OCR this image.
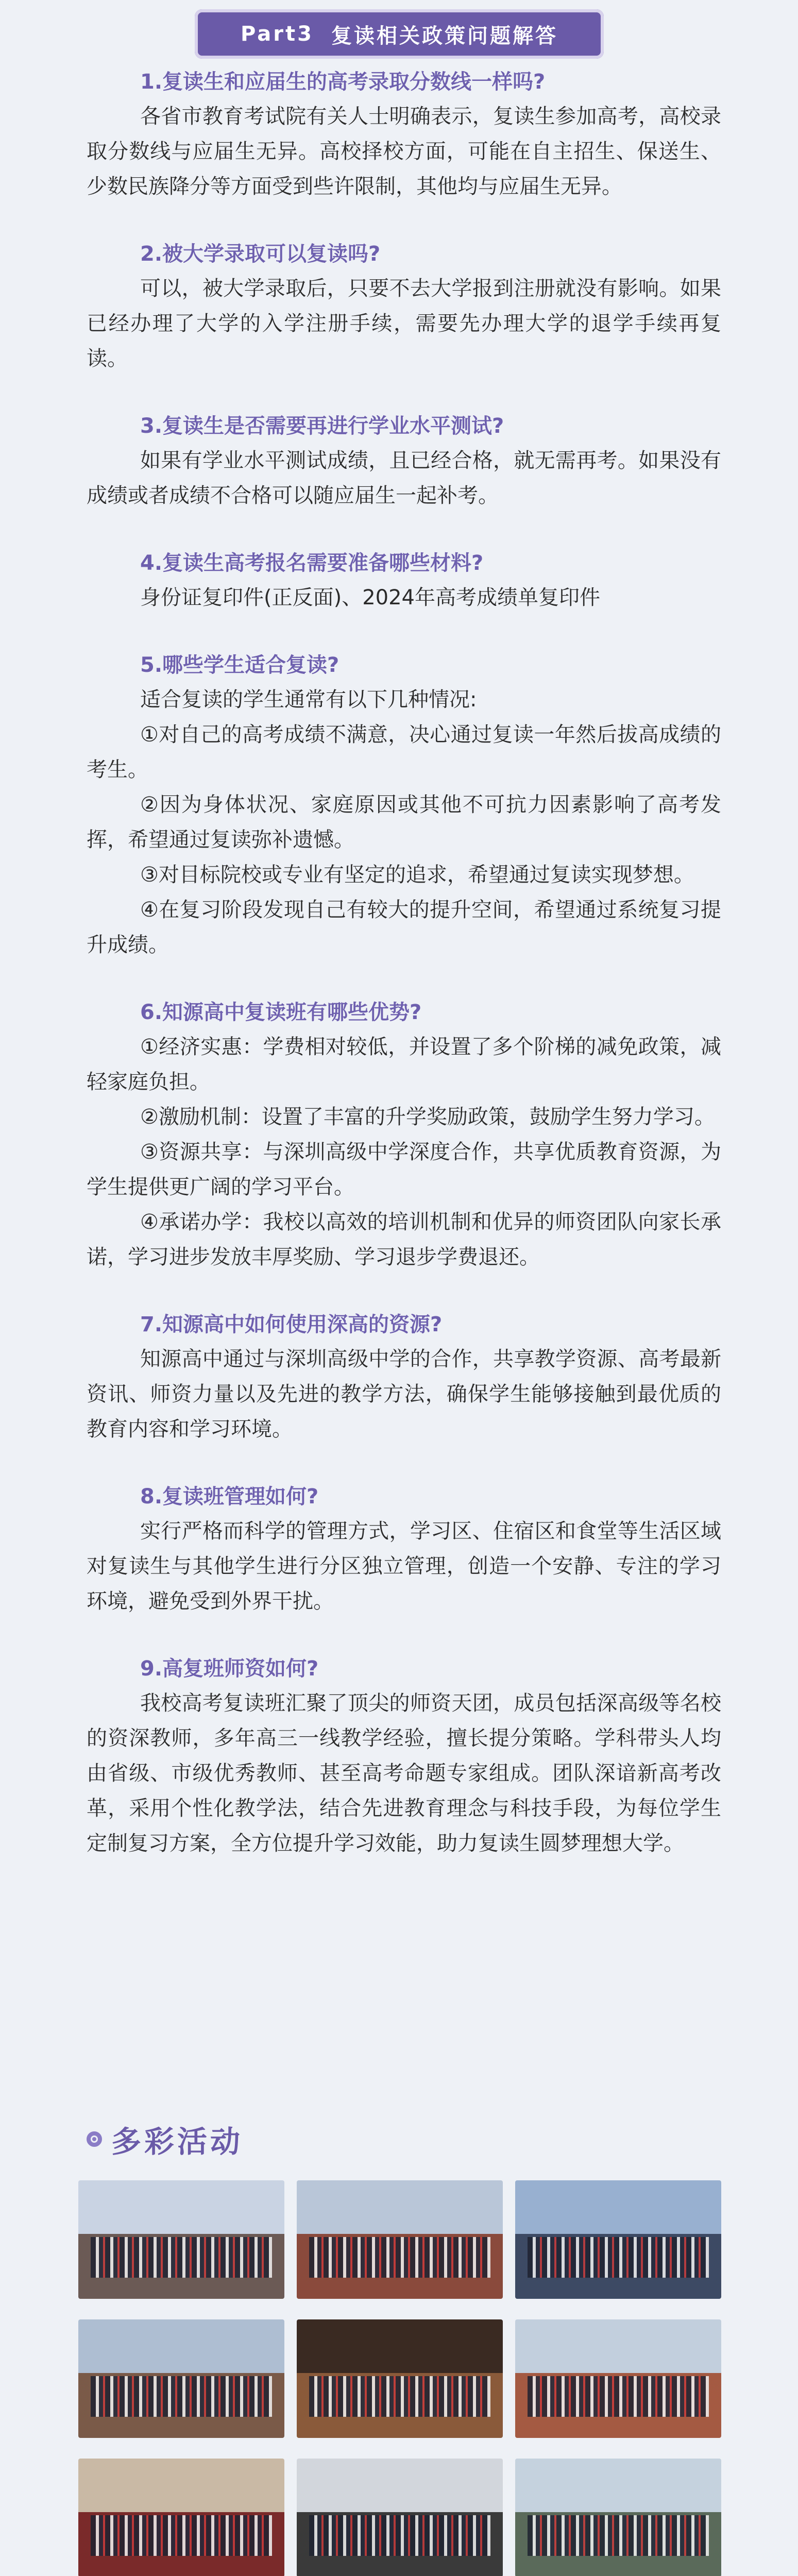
Part3 复读相关政策问题解答
1.复读生和应届生的高考录取分数线一样吗?

各省市教育考试院有关人士明确表示，复读生参加高考，高校录取分数线与应届生无异。高校择校方面，可能在自主招生、保送生、少数民族降分等方面受到些许限制，其他均与应届生无异。

2.被大学录取可以复读吗?

可以，被大学录取后，只要不去大学报到注册就没有影响。如果已经办理了大学的入学注册手续，需要先办理大学的退学手续再复读。

3.复读生是否需要再进行学业水平测试?

如果有学业水平测试成绩，且已经合格，就无需再考。如果没有成绩或者成绩不合格可以随应届生一起补考。

4.复读生高考报名需要准备哪些材料?

身份证复印件(正反面)、2024年高考成绩单复印件

5.哪些学生适合复读?

适合复读的学生通常有以下几种情况:

①对自己的高考成绩不满意，决心通过复读一年然后拔高成绩的考生。

②因为身体状况、家庭原因或其他不可抗力因素影响了高考发挥，希望通过复读弥补遗憾。

③对目标院校或专业有坚定的追求，希望通过复读实现梦想。

④在复习阶段发现自己有较大的提升空间，希望通过系统复习提升成绩。

6.知源高中复读班有哪些优势?

①经济实惠：学费相对较低，并设置了多个阶梯的减免政策，减轻家庭负担。

②激励机制：设置了丰富的升学奖励政策，鼓励学生努力学习。

③资源共享：与深圳高级中学深度合作，共享优质教育资源，为学生提供更广阔的学习平台。

④承诺办学：我校以高效的培训机制和优异的师资团队向家长承诺，学习进步发放丰厚奖励、学习退步学费退还。

7.知源高中如何使用深高的资源?

知源高中通过与深圳高级中学的合作，共享教学资源、高考最新资讯、师资力量以及先进的教学方法，确保学生能够接触到最优质的教育内容和学习环境。

8.复读班管理如何?

实行严格而科学的管理方式，学习区、住宿区和食堂等生活区域对复读生与其他学生进行分区独立管理，创造一个安静、专注的学习环境，避免受到外界干扰。

9.高复班师资如何?

我校高考复读班汇聚了顶尖的师资天团，成员包括深高级等名校的资深教师，多年高三一线教学经验，擅长提分策略。学科带头人均由省级、市级优秀教师、甚至高考命题专家组成。团队深谙新高考改革，采用个性化教学法，结合先进教育理念与科技手段，为每位学生定制复习方案，全方位提升学习效能，助力复读生圆梦理想大学。

多彩活动
